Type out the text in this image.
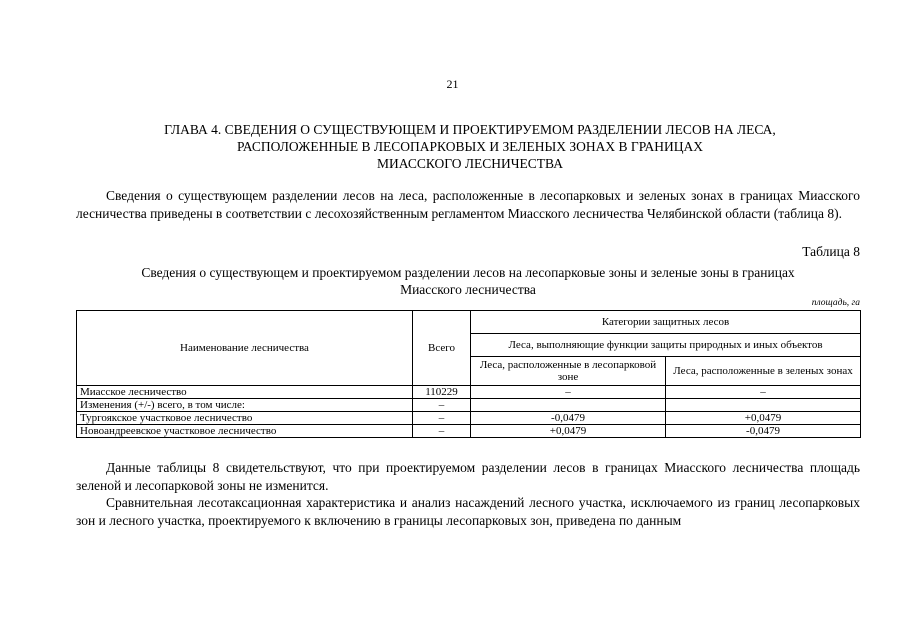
21
ГЛАВА 4. СВЕДЕНИЯ О СУЩЕСТВУЮЩЕМ И ПРОЕКТИРУЕМОМ РАЗДЕЛЕНИИ ЛЕСОВ НА ЛЕСА,
РАСПОЛОЖЕННЫЕ В ЛЕСОПАРКОВЫХ И ЗЕЛЕНЫХ ЗОНАХ В ГРАНИЦАХ
МИАССКОГО ЛЕСНИЧЕСТВА
Сведения о существующем разделении лесов на леса, расположенные в лесопарковых и зеленых зонах в границах Миасского лесничества приведены в соответствии с лесохозяйственным регламентом Миасского лесничества Челябинской области (таблица 8).
Таблица 8
Сведения о существующем и проектируемом разделении лесов на лесопарковые зоны и зеленые зоны в границах
Миасского лесничества
площадь, га
Наименование лесничества	Всего	Категории защитных лесов	
		Леса, выполняющие функции защиты природных и иных объектов	
		Леса, расположенные в лесопарковой зоне	Леса, расположенные в зеленых зонах
Миасское лесничество	110229	–	–
Изменения (+/-) всего, в том числе:	–		
Тургоякское участковое лесничество	–	-0,0479	+0,0479
Новоандреевское участковое лесничество	–	+0,0479	-0,0479
Данные таблицы 8 свидетельствуют, что при проектируемом разделении лесов в границах Миасского лесничества площадь зеленой и лесопарковой зоны не изменится.
Сравнительная лесотаксационная характеристика и анализ насаждений лесного участка, исключаемого из границ лесопарковых зон и лесного участка, проектируемого к включению в границы лесопарковых зон, приведена по данным
